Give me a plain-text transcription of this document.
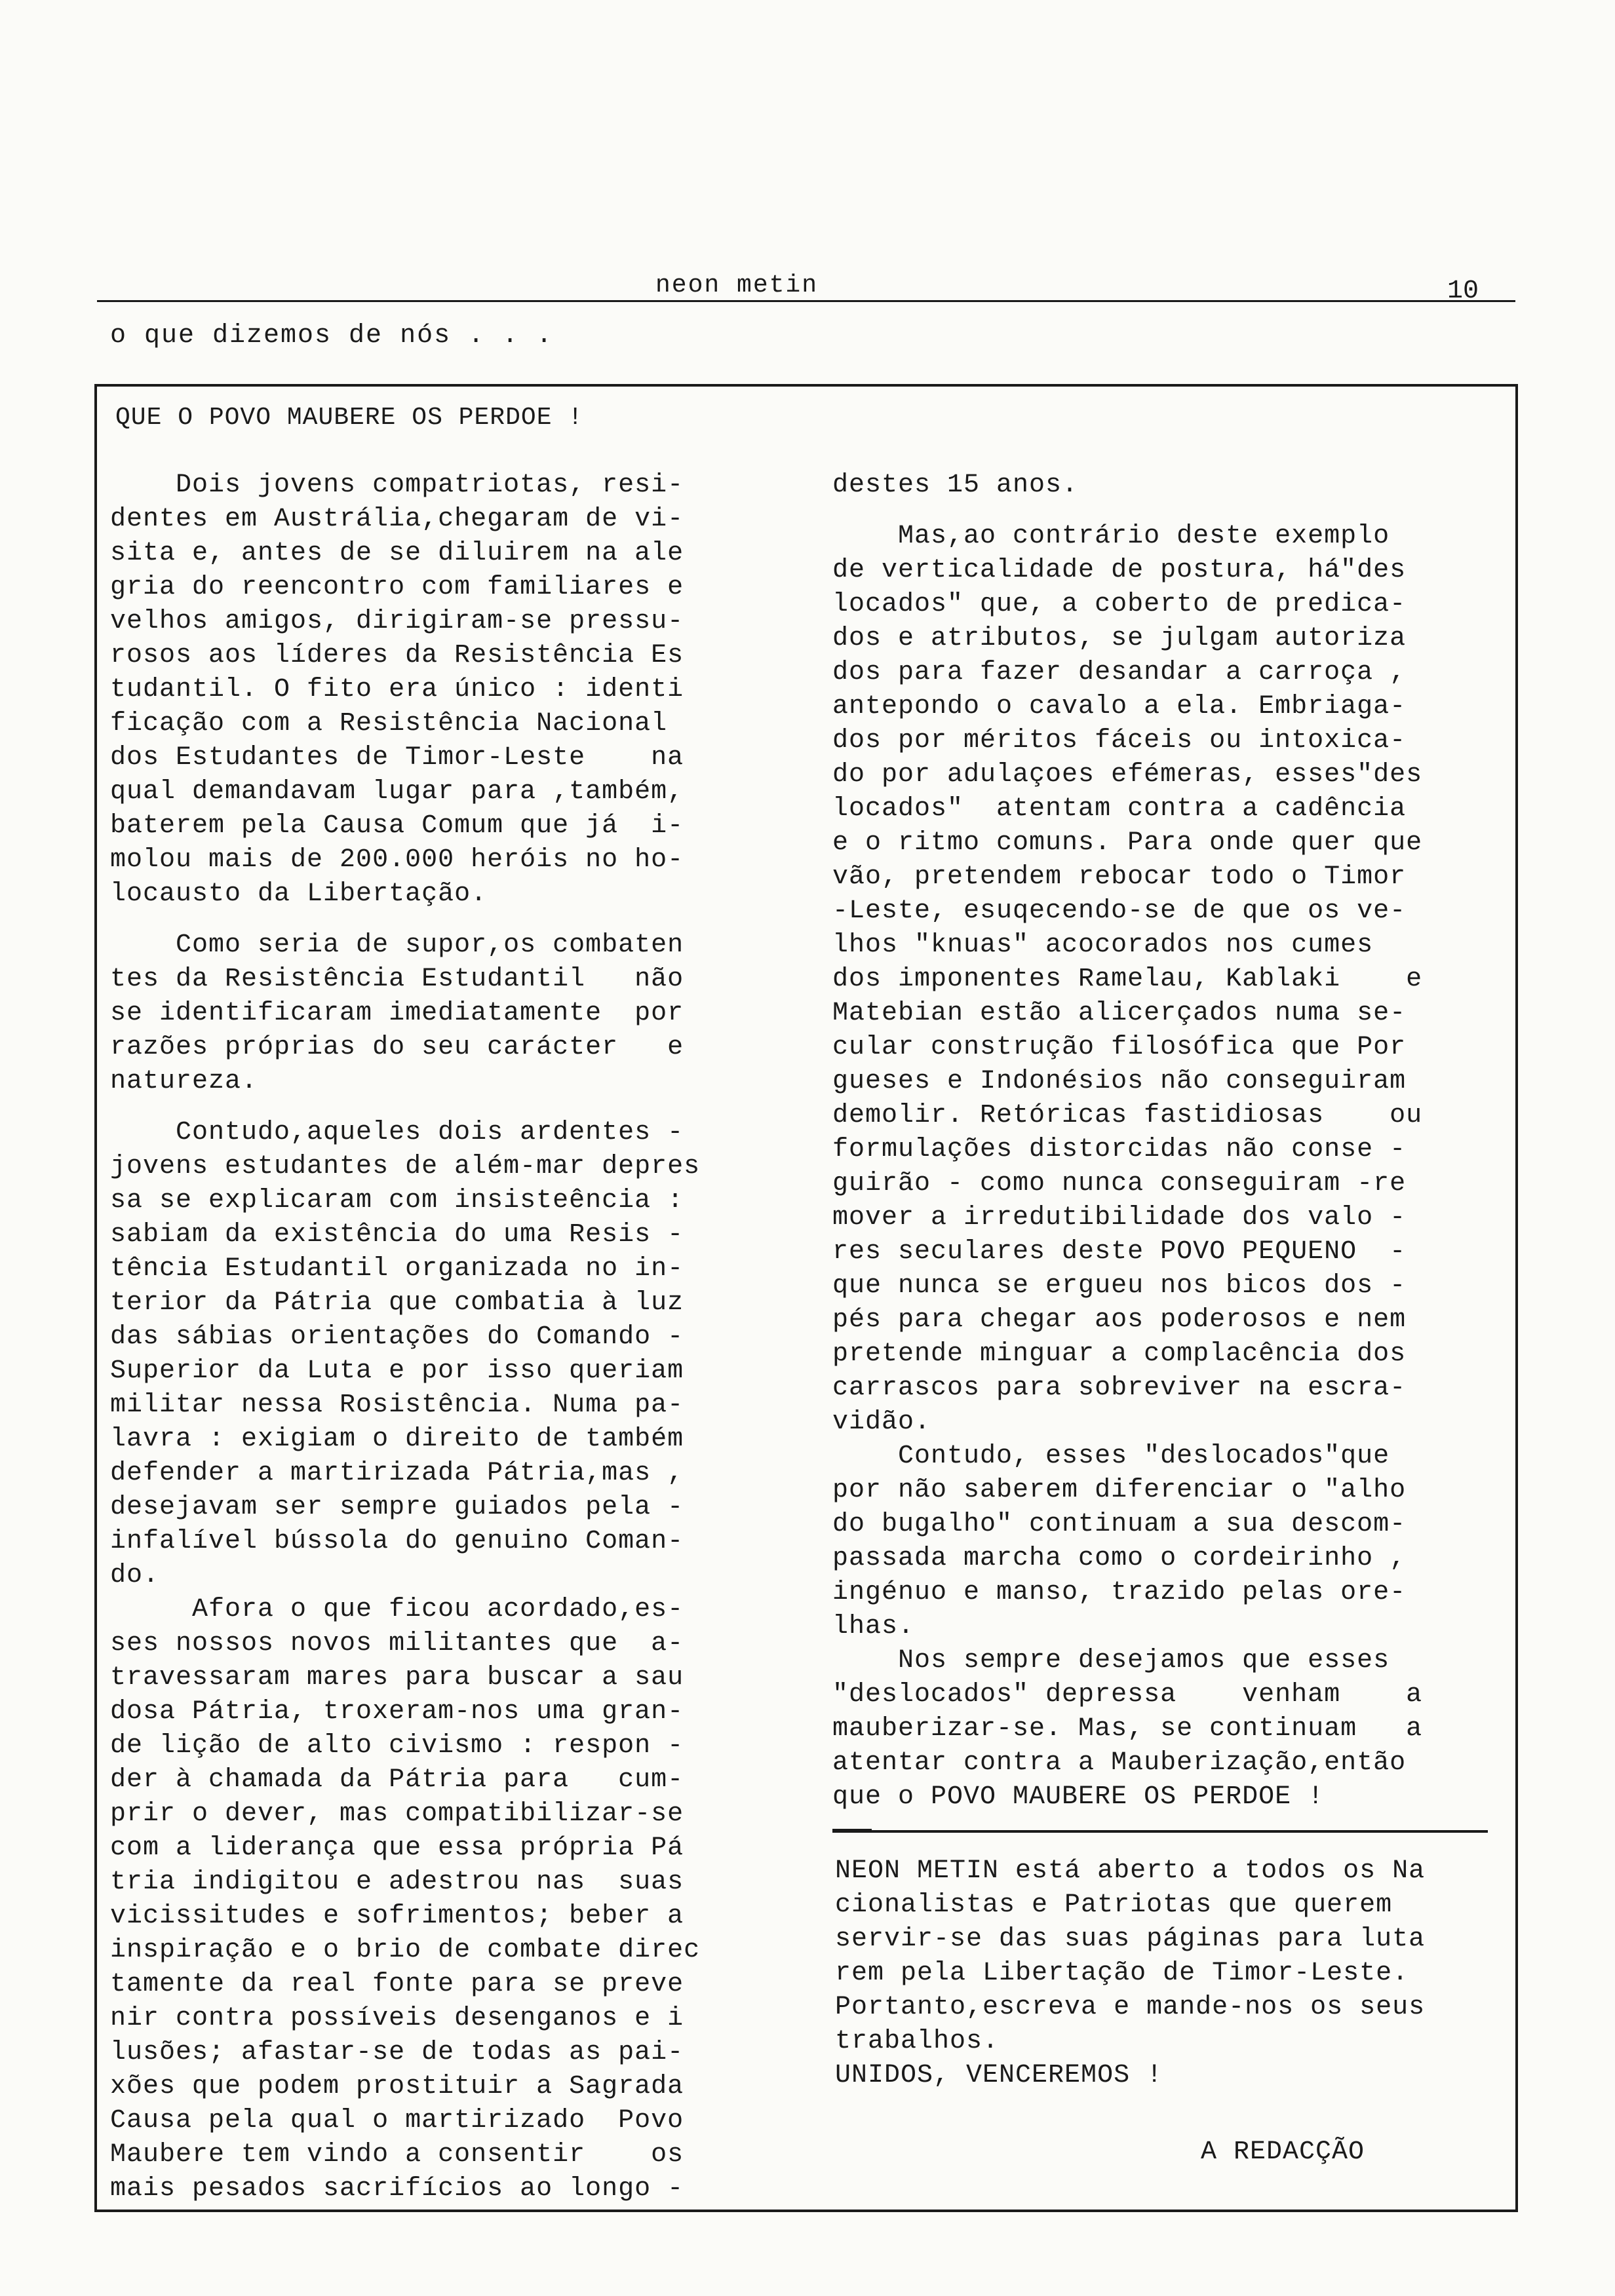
neon metin	10
o que dizemos de nós . . .
QUE O POVO MAUBERE OS PERDOE !

Dois jovens compatriotas, resi-

dentes em Austrália,chegaram de vi-

sita e, antes de se diluirem na ale

gria do reencontro com familiares e

velhos amigos, dirigiram-se pressu-

rosos aos líderes da Resistência Es

tudantil. O fito era único : identi

ficação com a Resistência Nacional

dos Estudantes de Timor-Leste    na

qual demandavam lugar para ,também,

baterem pela Causa Comum que já  i-

molou mais de 200.000 heróis no ho-

locausto da Libertação.

Como seria de supor,os combaten

tes da Resistência Estudantil   não

se identificaram imediatamente  por

razões próprias do seu carácter   e

natureza.

Contudo,aqueles dois ardentes -

jovens estudantes de além-mar depres

sa se explicaram com insisteência :

sabiam da existência do uma Resis -

tência Estudantil organizada no in-

terior da Pátria que combatia à luz

das sábias orientações do Comando -

Superior da Luta e por isso queriam

militar nessa Rosistência. Numa pa-

lavra : exigiam o direito de também

defender a martirizada Pátria,mas ,

desejavam ser sempre guiados pela -

infalível bússola do genuino Coman-

do.

Afora o que ficou acordado,es-

ses nossos novos militantes que  a-

travessaram mares para buscar a sau

dosa Pátria, troxeram-nos uma gran-

de lição de alto civismo : respon -

der à chamada da Pátria para   cum-

prir o dever, mas compatibilizar-se

com a liderança que essa própria Pá

tria indigitou e adestrou nas  suas

vicissitudes e sofrimentos; beber a

inspiração e o brio de combate direc

tamente da real fonte para se preve

nir contra possíveis desenganos e i

lusões; afastar-se de todas as pai-

xões que podem prostituir a Sagrada

Causa pela qual o martirizado  Povo

Maubere tem vindo a consentir    os

mais pesados sacrifícios ao longo -

destes 15 anos.

Mas,ao contrário deste exemplo

de verticalidade de postura, há"des

locados" que, a coberto de predica-

dos e atributos, se julgam autoriza

dos para fazer desandar a carroça ,

antepondo o cavalo a ela. Embriaga-

dos por méritos fáceis ou intoxica-

do por adulaçoes efémeras, esses"des

locados"  atentam contra a cadência

e o ritmo comuns. Para onde quer que

vão, pretendem rebocar todo o Timor

-Leste, esuqecendo-se de que os ve-

lhos "knuas" acocorados nos cumes

dos imponentes Ramelau, Kablaki    e

Matebian estão alicerçados numa se-

cular construção filosófica que Por

gueses e Indonésios não conseguiram

demolir. Retóricas fastidiosas    ou

formulações distorcidas não conse -

guirão - como nunca conseguiram -re

mover a irredutibilidade dos valo -

res seculares deste POVO PEQUENO  -

que nunca se ergueu nos bicos dos -

pés para chegar aos poderosos e nem

pretende minguar a complacência dos

carrascos para sobreviver na escra-

vidão.

Contudo, esses "deslocados"que

por não saberem diferenciar o "alho

do bugalho" continuam a sua descom-

passada marcha como o cordeirinho ,

ingénuo e manso, trazido pelas ore-

lhas.

Nos sempre desejamos que esses

"deslocados" depressa    venham    a

mauberizar-se. Mas, se continuam   a

atentar contra a Mauberização,então

que o POVO MAUBERE OS PERDOE !

NEON METIN está aberto a todos os Na

cionalistas e Patriotas que querem

servir-se das suas páginas para luta

rem pela Libertação de Timor-Leste.

Portanto,escreva e mande-nos os seus

trabalhos.

UNIDOS, VENCEREMOS !

A REDACÇÃO
